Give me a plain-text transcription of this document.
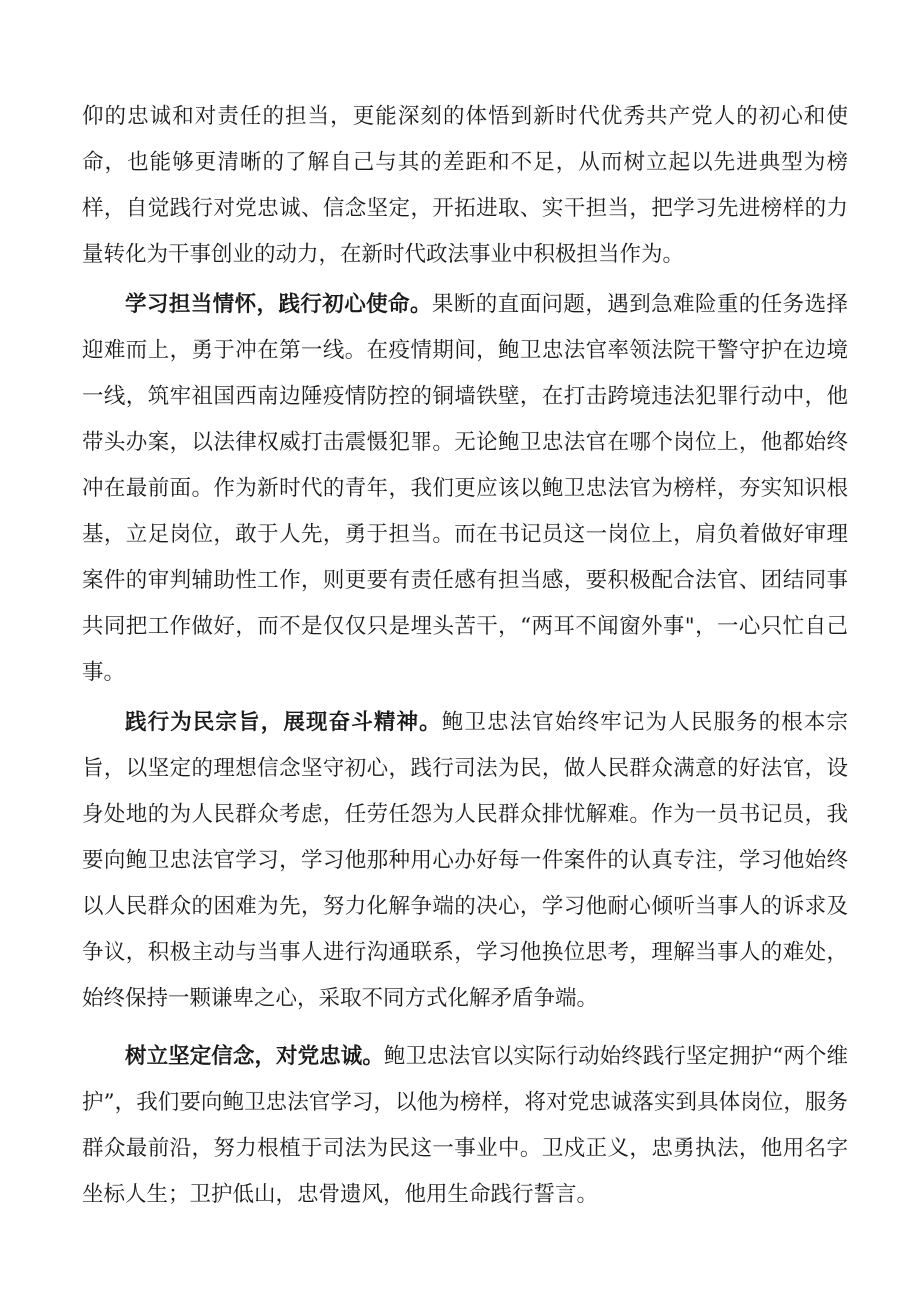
仰的忠诚和对责任的担当，更能深刻的体悟到新时代优秀共产党人的初心和使命，也能够更清晰的了解自己与其的差距和不足，从而树立起以先进典型为榜样，自觉践行对党忠诚、信念坚定，开拓进取、实干担当，把学习先进榜样的力量转化为干事创业的动力，在新时代政法事业中积极担当作为。

学习担当情怀，践行初心使命。果断的直面问题，遇到急难险重的任务选择迎难而上，勇于冲在第一线。在疫情期间，鲍卫忠法官率领法院干警守护在边境一线，筑牢祖国西南边陲疫情防控的铜墙铁壁，在打击跨境违法犯罪行动中，他带头办案，以法律权威打击震慑犯罪。无论鲍卫忠法官在哪个岗位上，他都始终冲在最前面。作为新时代的青年，我们更应该以鲍卫忠法官为榜样，夯实知识根基，立足岗位，敢于人先，勇于担当。而在书记员这一岗位上，肩负着做好审理案件的审判辅助性工作，则更要有责任感有担当感，要积极配合法官、团结同事共同把工作做好，而不是仅仅只是埋头苦干，“两耳不闻窗外事"，一心只忙自己事。

践行为民宗旨，展现奋斗精神。鲍卫忠法官始终牢记为人民服务的根本宗旨，以坚定的理想信念坚守初心，践行司法为民，做人民群众满意的好法官，设身处地的为人民群众考虑，任劳任怨为人民群众排忧解难。作为一员书记员，我要向鲍卫忠法官学习，学习他那种用心办好每一件案件的认真专注，学习他始终以人民群众的困难为先，努力化解争端的决心，学习他耐心倾听当事人的诉求及争议，积极主动与当事人进行沟通联系，学习他换位思考，理解当事人的难处，始终保持一颗谦卑之心，采取不同方式化解矛盾争端。

树立坚定信念，对党忠诚。鲍卫忠法官以实际行动始终践行坚定拥护“两个维护”，我们要向鲍卫忠法官学习，以他为榜样，将对党忠诚落实到具体岗位，服务群众最前沿，努力根植于司法为民这一事业中。卫戍正义，忠勇执法，他用名字坐标人生；卫护低山，忠骨遗风，他用生命践行誓言。
